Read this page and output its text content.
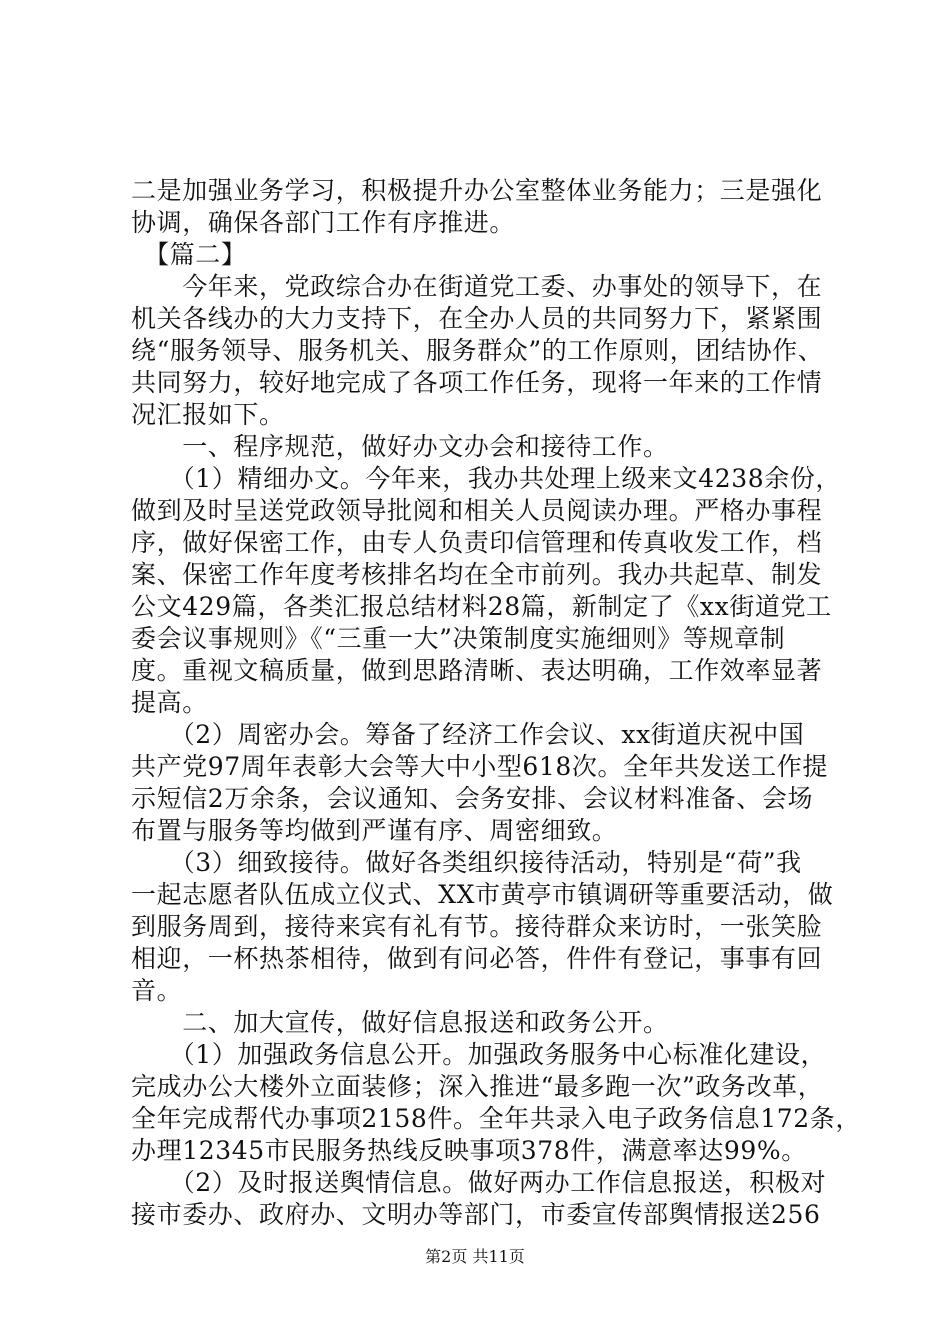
二是加强业务学习，积极提升办公室整体业务能力；三是强化
协调，确保各部门工作有序推进。
　【篇二】
　　今年来，党政综合办在街道党工委、办事处的领导下，在
机关各线办的大力支持下，在全办人员的共同努力下，紧紧围
绕“服务领导、服务机关、服务群众”的工作原则，团结协作、
共同努力，较好地完成了各项工作任务，现将一年来的工作情
况汇报如下。
　　一、程序规范，做好办文办会和接待工作。
　　（1）精细办文。今年来，我办共处理上级来文4238余份，
做到及时呈送党政领导批阅和相关人员阅读办理。严格办事程
序，做好保密工作，由专人负责印信管理和传真收发工作，档
案、保密工作年度考核排名均在全市前列。我办共起草、制发
公文429篇，各类汇报总结材料28篇，新制定了《xx街道党工
委会议事规则》《“三重一大”决策制度实施细则》等规章制
度。重视文稿质量，做到思路清晰、表达明确，工作效率显著
提高。
　　（2）周密办会。筹备了经济工作会议、xx街道庆祝中国
共产党97周年表彰大会等大中小型618次。全年共发送工作提
示短信2万余条，会议通知、会务安排、会议材料准备、会场
布置与服务等均做到严谨有序、周密细致。
　　（3）细致接待。做好各类组织接待活动，特别是“荷”我
一起志愿者队伍成立仪式、XX市黄亭市镇调研等重要活动，做
到服务周到，接待来宾有礼有节。接待群众来访时，一张笑脸
相迎，一杯热茶相待，做到有问必答，件件有登记，事事有回
音。
　　二、加大宣传，做好信息报送和政务公开。
　　（1）加强政务信息公开。加强政务服务中心标准化建设，
完成办公大楼外立面装修；深入推进“最多跑一次”政务改革，
全年完成帮代办事项2158件。全年共录入电子政务信息172条，
办理12345市民服务热线反映事项378件，满意率达99%。
　　（2）及时报送舆情信息。做好两办工作信息报送，积极对
接市委办、政府办、文明办等部门，市委宣传部舆情报送256
第2页 共11页
